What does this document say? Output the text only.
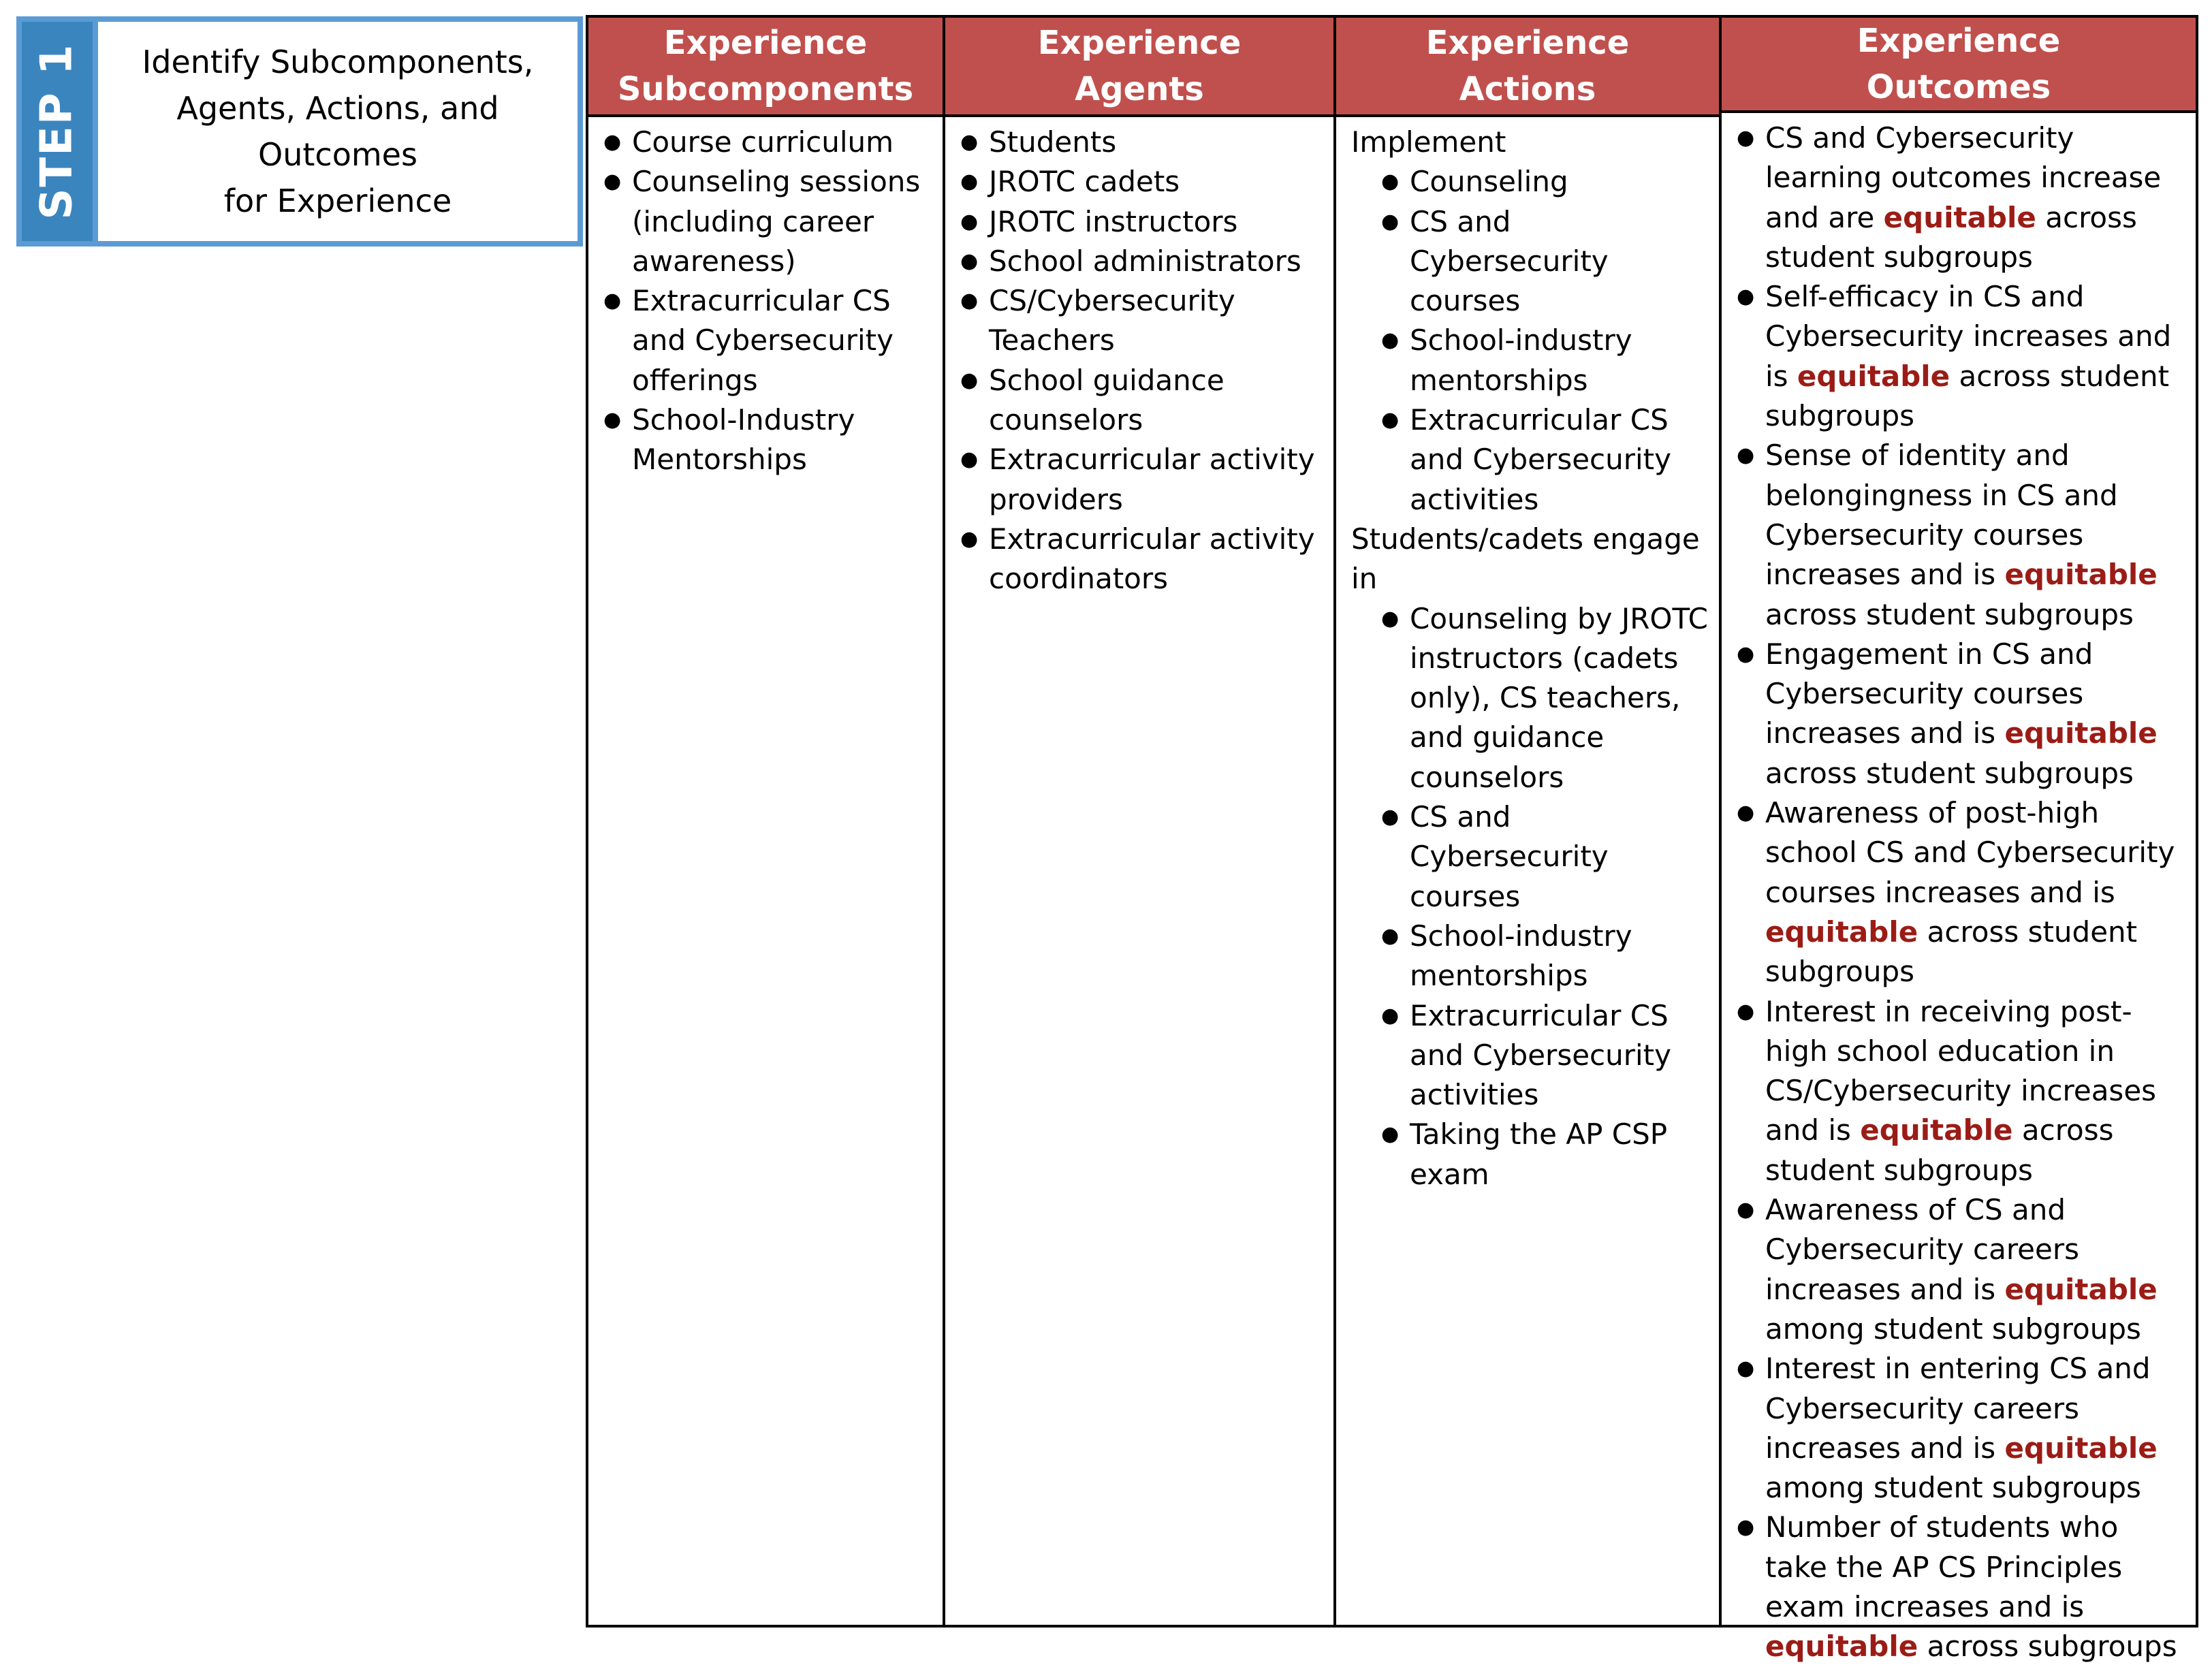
STEP 1 Identify Subcomponents,
Agents, Actions, and
Outcomes
for Experience
Experience
Subcomponents
● Course curriculum
● Counseling sessions (including career awareness)
● Extracurricular CS and Cybersecurity offerings
● School-Industry Mentorships
Experience
Agents
● Students
● JROTC cadets
● JROTC instructors
● School administrators
● CS/Cybersecurity Teachers
● School guidance counselors
● Extracurricular activity providers
● Extracurricular activity coordinators
Experience
Actions
Implement
● Counseling
● CS and Cybersecurity courses
● School-industry mentorships
● Extracurricular CS and Cybersecurity activities
Students/cadets engage in
● Counseling by JROTC instructors (cadets only), CS teachers, and guidance counselors
● CS and Cybersecurity courses
● School-industry mentorships
● Extracurricular CS and Cybersecurity activities
● Taking the AP CSP exam
Experience
Outcomes
● CS and Cybersecurity learning outcomes increase and are equitable across student subgroups
● Self-efficacy in CS and Cybersecurity increases and is equitable across student subgroups
● Sense of identity and belongingness in CS and Cybersecurity courses increases and is equitable across student subgroups
● Engagement in CS and Cybersecurity courses increases and is equitable across student subgroups
● Awareness of post-high school CS and Cybersecurity courses increases and is equitable across student subgroups
● Interest in receiving post-high school education in CS/Cybersecurity increases and is equitable across student subgroups
● Awareness of CS and Cybersecurity careers increases and is equitable among student subgroups
● Interest in entering CS and Cybersecurity careers increases and is equitable among student subgroups
● Number of students who take the AP CS Principles exam increases and is equitable across subgroups
